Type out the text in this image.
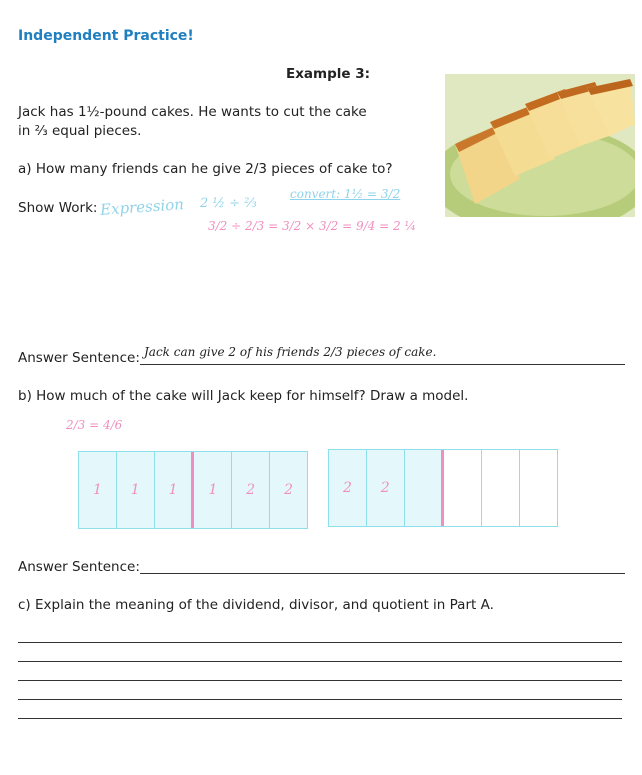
Independent Practice!
Example 3:
Jack has 1½-pound cakes. He wants to cut the cake
in ⅔ equal pieces.
a) How many friends can he give 2/3 pieces of cake to?
Show Work: Expression 2 ½ ÷ ⅔
convert: 1½ = 3/2
3/2 ÷ 2/3 = 3/2 × 3/2 = 9/4 = 2 ¼
Answer Sentence: Jack can give 2 of his friends 2/3 pieces of cake.
b) How much of the cake will Jack keep for himself? Draw a model.
2/3 = 4/6
1	1	1	1	2	2	2	2
Answer Sentence:
c) Explain the meaning of the dividend, divisor, and quotient in Part A.
